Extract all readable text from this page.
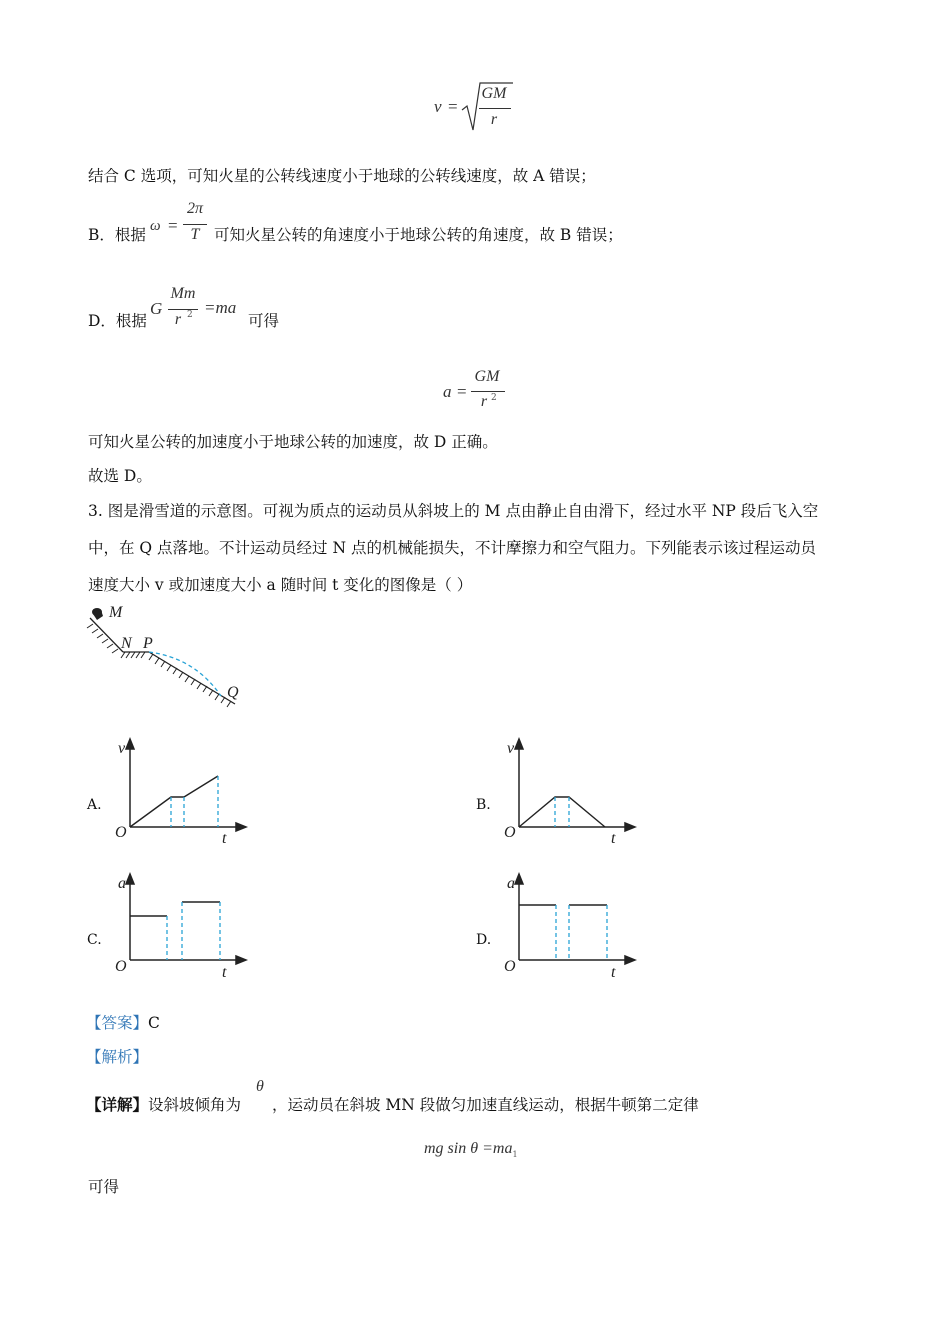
v =
GM
r
结合 C 选项，可知火星的公转线速度小于地球的公转线速度，故 A 错误；
B．根据 ω =
2π
T 可知火星公转的角速度小于地球公转的角速度，故 B 错误；
D．根据
G
Mm
r 2 =ma
可得
a =
GM
r 2
可知火星公转的加速度小于地球公转的加速度，故 D 正确。
故选 D。
3. 图是滑雪道的示意图。可视为质点的运动员从斜坡上的 M 点由静止自由滑下，经过水平 NP 段后飞入空
中，在 Q 点落地。不计运动员经过 N 点的机械能损失，不计摩擦力和空气阻力。下列能表示该过程运动员
速度大小 v 或加速度大小 a 随时间 t 变化的图像是（ ）
M
N P
Q
A.
v
O	t
B.
v
O	t
C.
a
O	t
D.
a
O	t
【答案】C
【解析】
【详解】 设斜坡倾角为
θ
，运动员在斜坡 MN 段做匀加速直线运动，根据牛顿第二定律
mg $\sin \theta =ma_1$
可得
